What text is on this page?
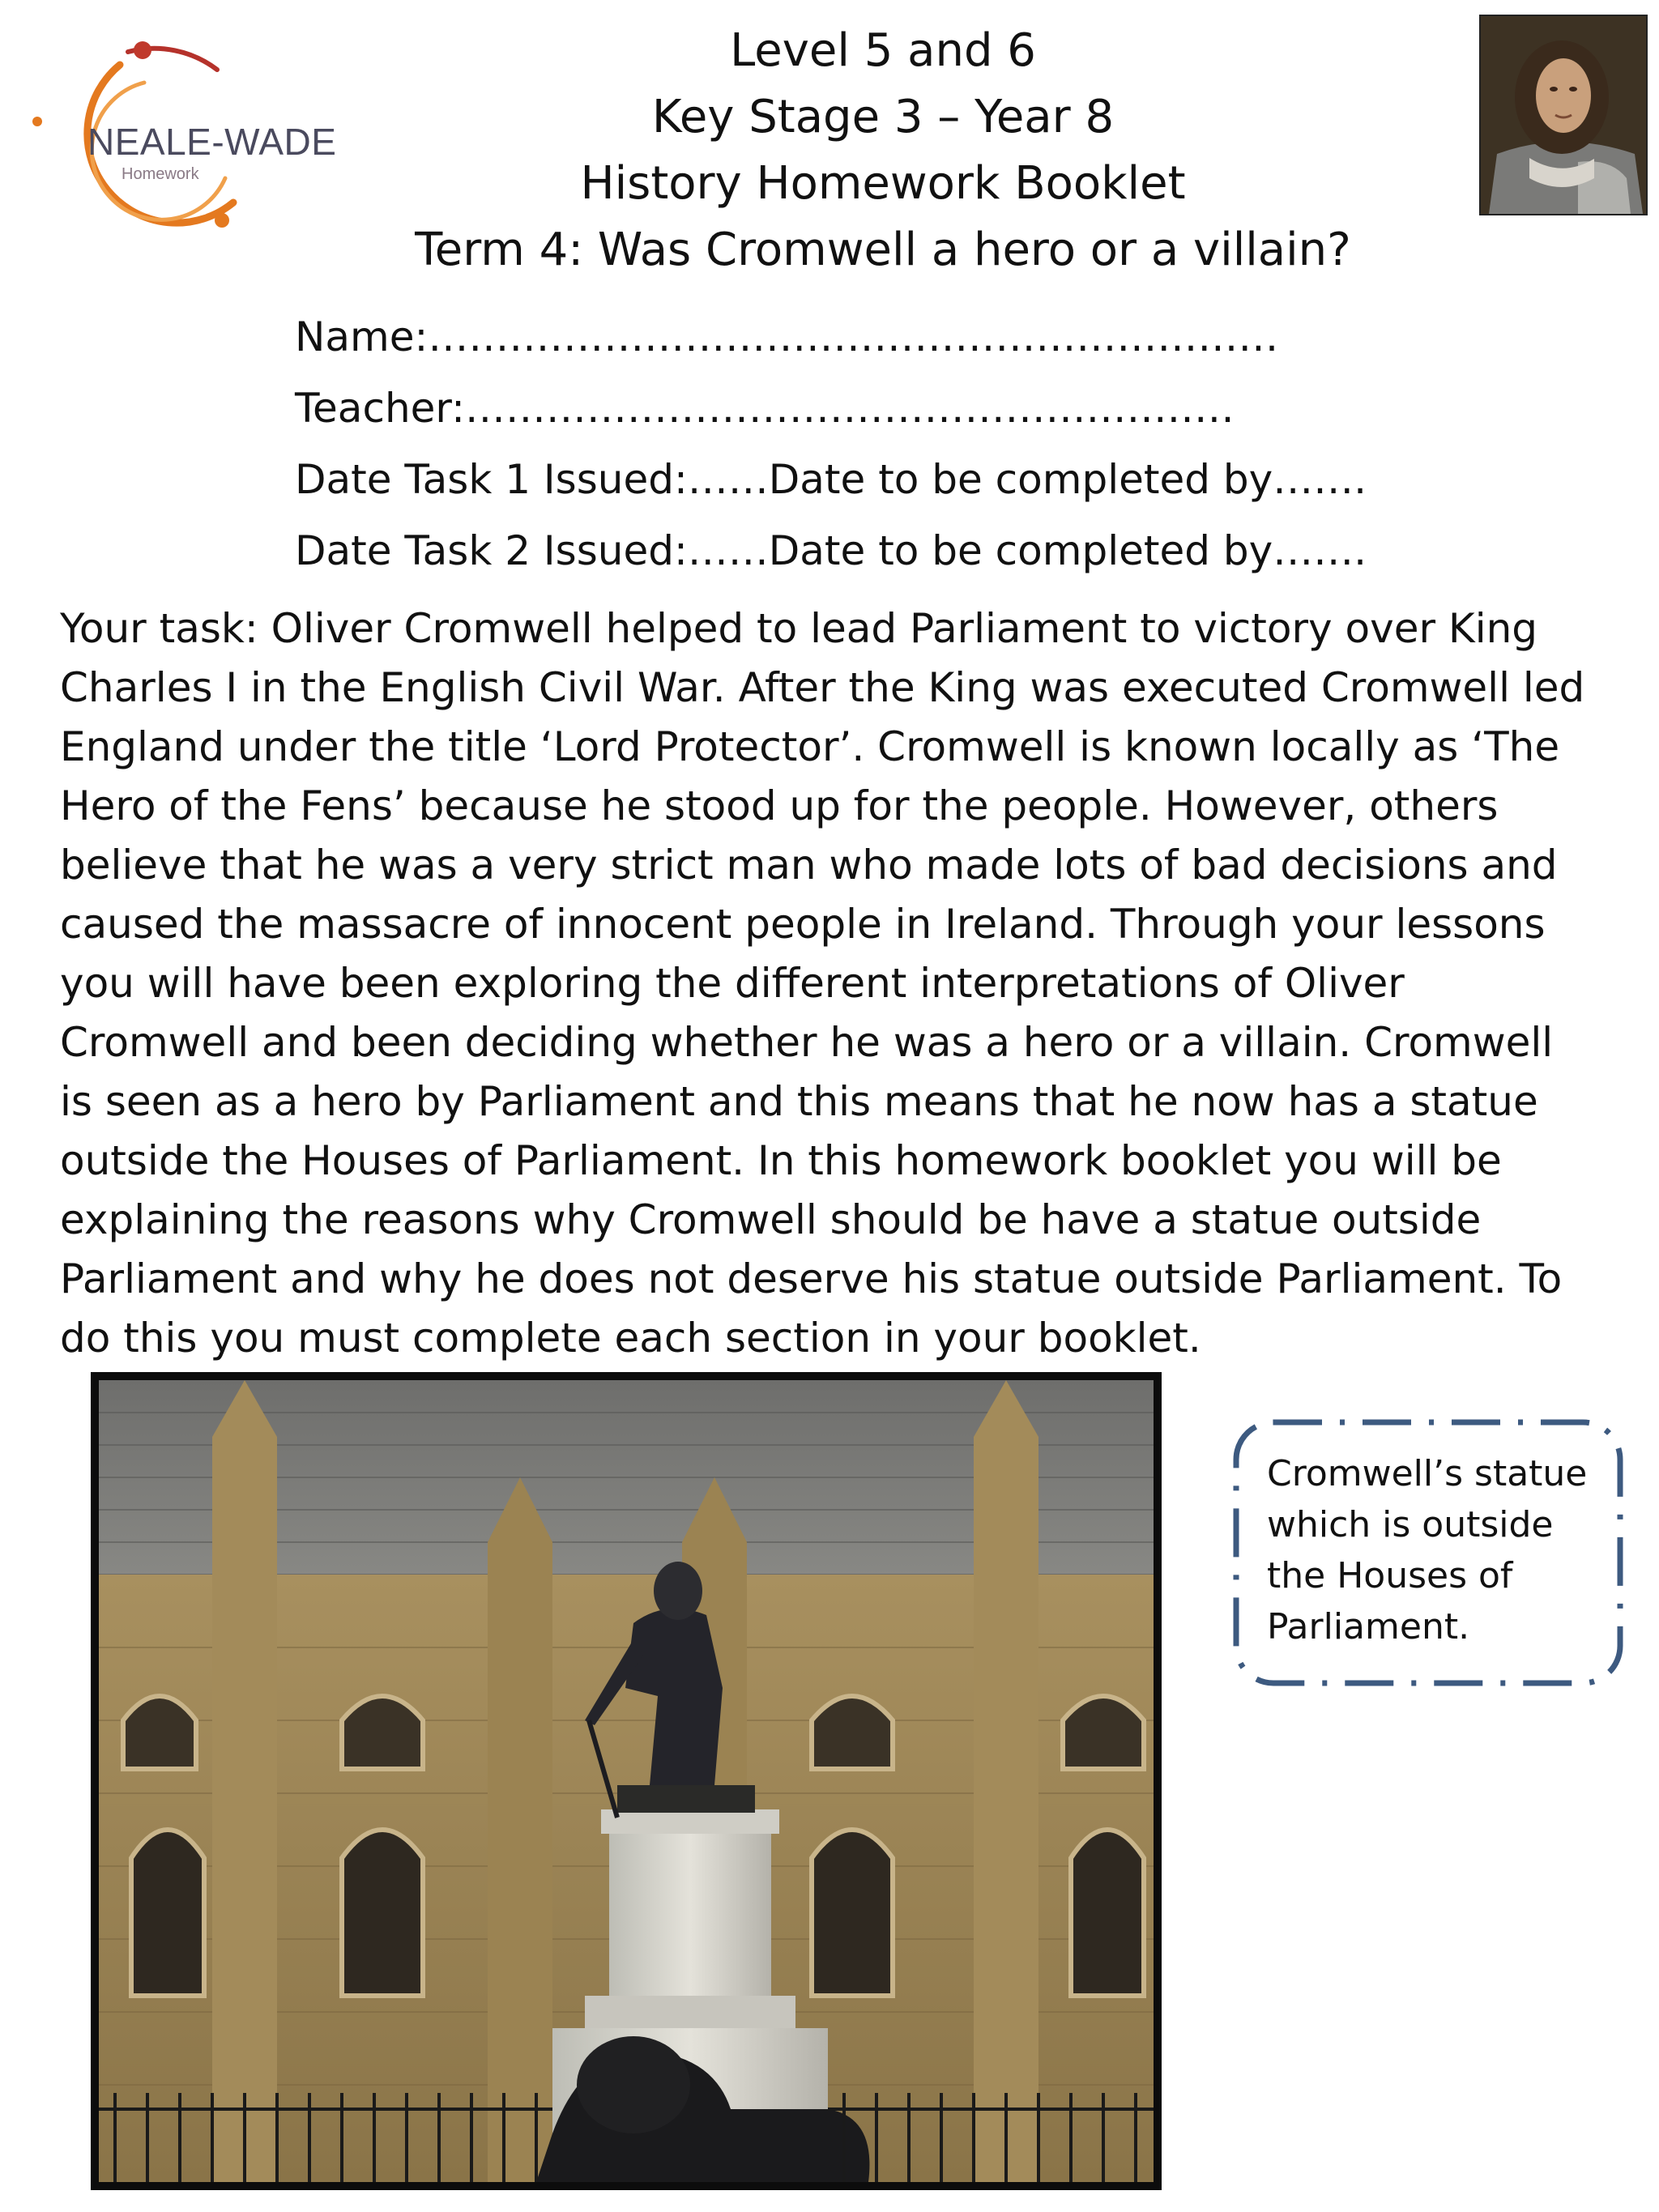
NEALE-WADE
Homework
Level 5 and 6
Key Stage 3 – Year 8
History Homework Booklet
Term 4: Was Cromwell a hero or a villain?
Name:………………………………………………………
Teacher:…………………………………………………
Date Task 1 Issued:……Date to be completed by…….
Date Task 2 Issued:……Date to be completed by…….
Your task: Oliver Cromwell helped to lead Parliament to victory over King
Charles I in the English Civil War. After the King was executed Cromwell led
England under the title ‘Lord Protector’. Cromwell is known locally as ‘The
Hero of the Fens’ because he stood up for the people. However, others
believe that he was a very strict man who made lots of bad decisions and
caused the massacre of innocent people in Ireland. Through your lessons
you will have been exploring the different interpretations of Oliver
Cromwell and been deciding whether he was a hero or a villain. Cromwell
is seen as a hero by Parliament and this means that he now has a statue
outside the Houses of Parliament. In this homework booklet you will be
explaining the reasons why Cromwell should be have a statue outside
Parliament and why he does not deserve his statue outside Parliament. To
do this you must complete each section in your booklet.
Cromwell’s statue
which is outside
the Houses of
Parliament.
